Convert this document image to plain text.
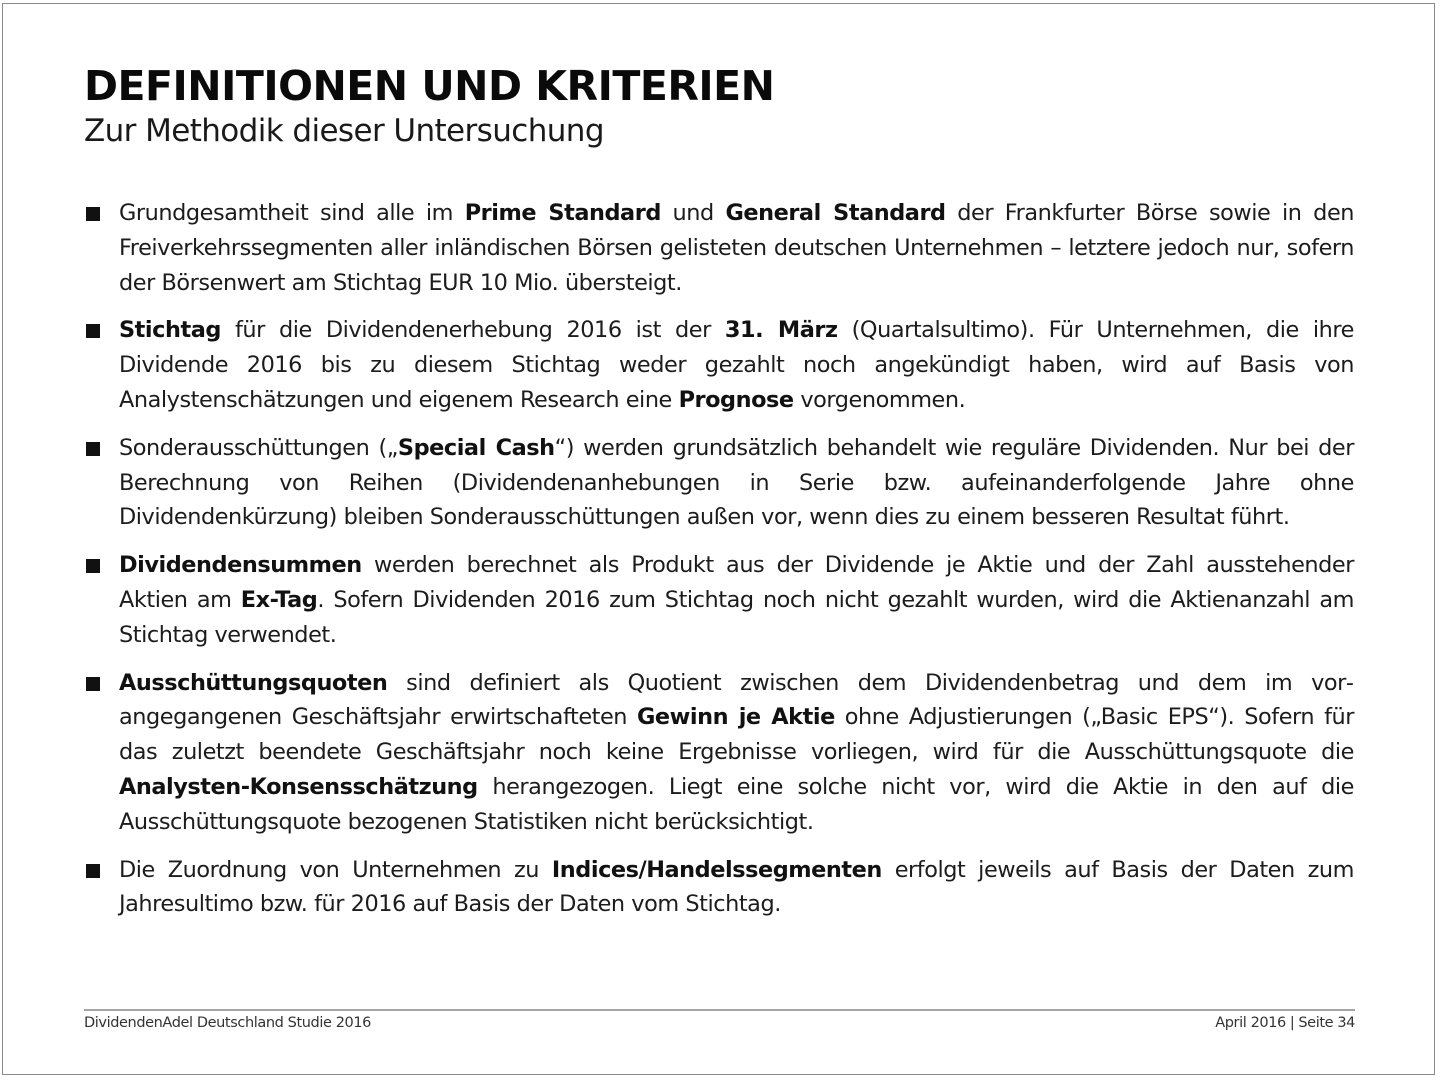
DEFINITIONEN UND KRITERIEN
Zur Methodik dieser Untersuchung
Grundgesamtheit sind alle im Prime Standard und General Standard der Frankfurter Börse sowie in den Freiverkehrssegmenten aller inländischen Börsen gelisteten deutschen Unternehmen – letztere jedoch nur, sofern der Börsenwert am Stichtag EUR 10 Mio. übersteigt.
Stichtag für die Dividendenerhebung 2016 ist der 31. März (Quartalsultimo). Für Unternehmen, die ihre Dividende 2016 bis zu diesem Stichtag weder gezahlt noch angekündigt haben, wird auf Basis von Analystenschätzungen und eigenem Research eine Prognose vorgenommen.
Sonderausschüttungen („Special Cash“) werden grundsätzlich behandelt wie reguläre Dividenden. Nur bei der Berechnung von Reihen (Dividendenanhebungen in Serie bzw. aufeinanderfolgende Jahre ohne Dividendenkürzung) bleiben Sonderausschüttungen außen vor, wenn dies zu einem besseren Resultat führt.
Dividendensummen werden berechnet als Produkt aus der Dividende je Aktie und der Zahl ausstehender Aktien am Ex-Tag. Sofern Dividenden 2016 zum Stichtag noch nicht gezahlt wurden, wird die Aktienanzahl am Stichtag verwendet.
Ausschüttungsquoten sind definiert als Quotient zwischen dem Dividendenbetrag und dem im vorangegangenen Geschäftsjahr erwirtschafteten Gewinn je Aktie ohne Adjustierungen („Basic EPS“). Sofern für das zuletzt beendete Geschäftsjahr noch keine Ergebnisse vorliegen, wird für die Ausschüttungsquote die Analysten-Konsensschätzung herangezogen. Liegt eine solche nicht vor, wird die Aktie in den auf die Ausschüttungsquote bezogenen Statistiken nicht berücksichtigt.
Die Zuordnung von Unternehmen zu Indices/Handelssegmenten erfolgt jeweils auf Basis der Daten zum Jahresultimo bzw. für 2016 auf Basis der Daten vom Stichtag.
DividendenAdel Deutschland Studie 2016	April 2016 | Seite 34
